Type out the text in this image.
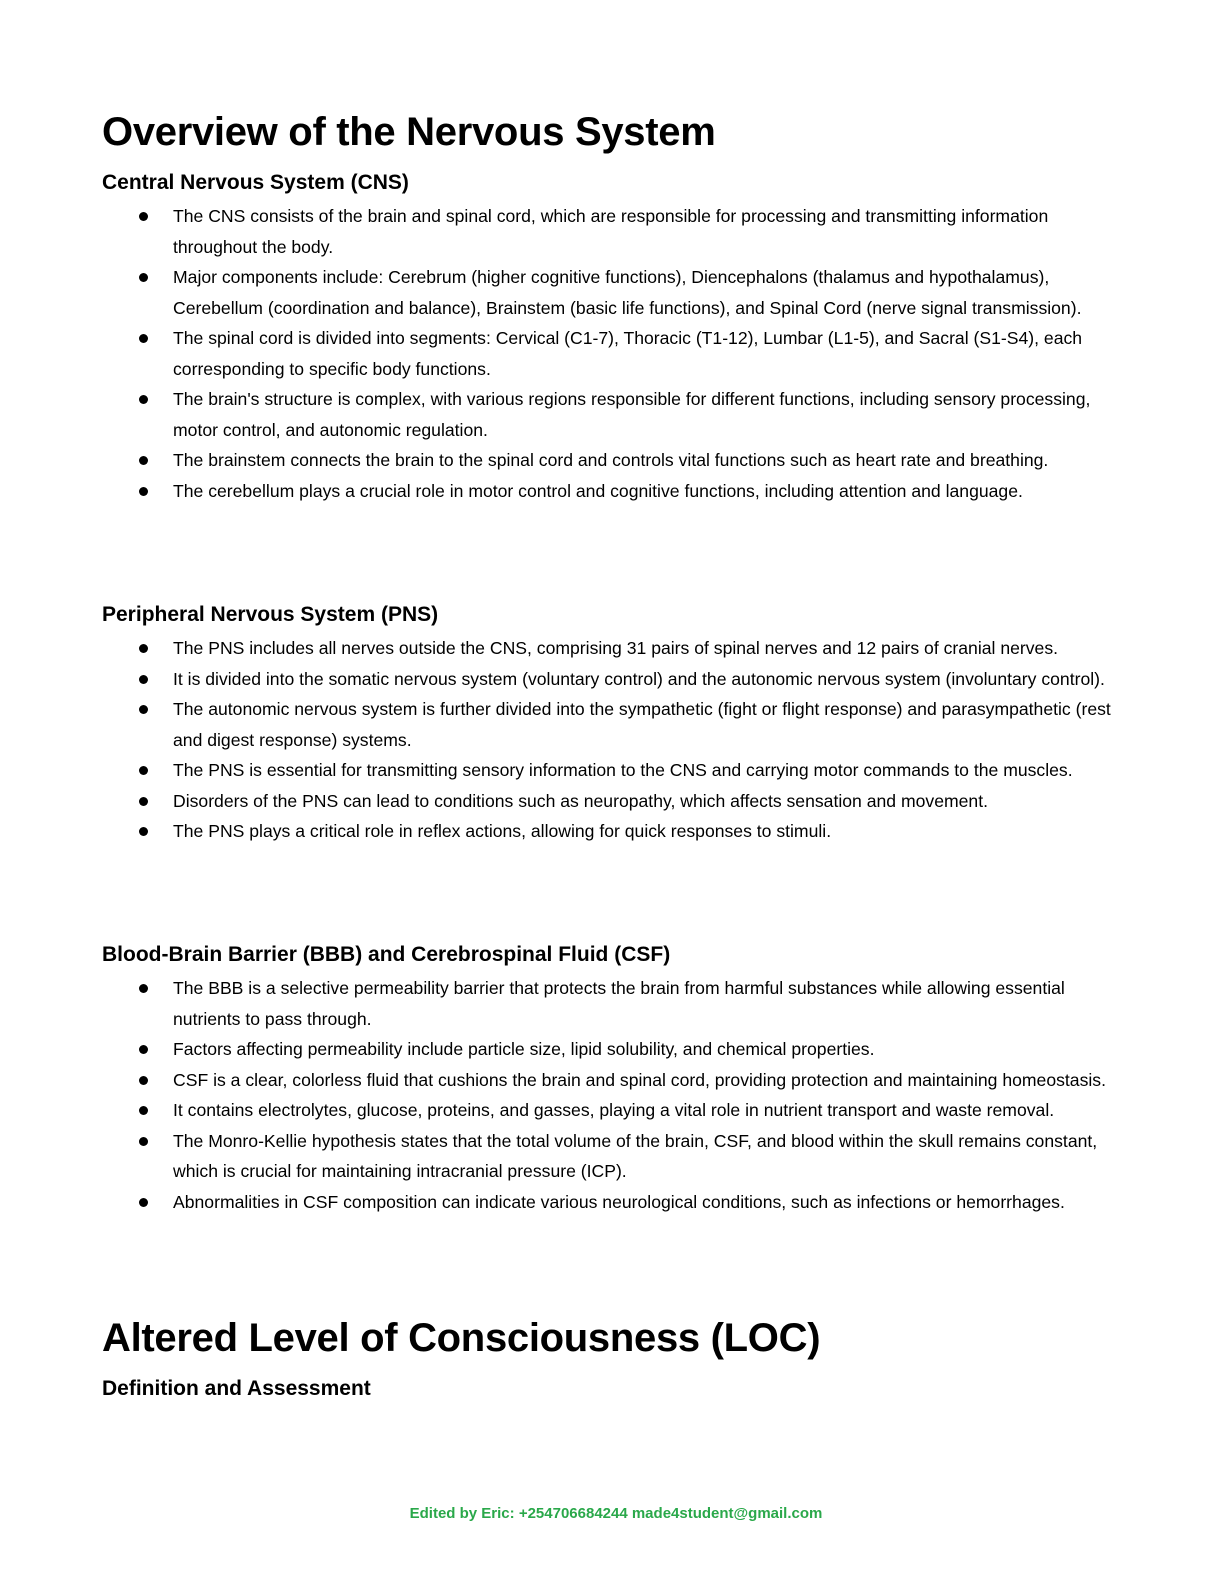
Overview of the Nervous System
Central Nervous System (CNS)
The CNS consists of the brain and spinal cord, which are responsible for processing and transmitting information throughout the body.
Major components include: Cerebrum (higher cognitive functions), Diencephalons (thalamus and hypothalamus), Cerebellum (coordination and balance), Brainstem (basic life functions), and Spinal Cord (nerve signal transmission).
The spinal cord is divided into segments: Cervical (C1-7), Thoracic (T1-12), Lumbar (L1-5), and Sacral (S1-S4), each corresponding to specific body functions.
The brain's structure is complex, with various regions responsible for different functions, including sensory processing, motor control, and autonomic regulation.
The brainstem connects the brain to the spinal cord and controls vital functions such as heart rate and breathing.
The cerebellum plays a crucial role in motor control and cognitive functions, including attention and language.
Peripheral Nervous System (PNS)
The PNS includes all nerves outside the CNS, comprising 31 pairs of spinal nerves and 12 pairs of cranial nerves.
It is divided into the somatic nervous system (voluntary control) and the autonomic nervous system (involuntary control).
The autonomic nervous system is further divided into the sympathetic (fight or flight response) and parasympathetic (rest and digest response) systems.
The PNS is essential for transmitting sensory information to the CNS and carrying motor commands to the muscles.
Disorders of the PNS can lead to conditions such as neuropathy, which affects sensation and movement.
The PNS plays a critical role in reflex actions, allowing for quick responses to stimuli.
Blood-Brain Barrier (BBB) and Cerebrospinal Fluid (CSF)
The BBB is a selective permeability barrier that protects the brain from harmful substances while allowing essential nutrients to pass through.
Factors affecting permeability include particle size, lipid solubility, and chemical properties.
CSF is a clear, colorless fluid that cushions the brain and spinal cord, providing protection and maintaining homeostasis.
It contains electrolytes, glucose, proteins, and gasses, playing a vital role in nutrient transport and waste removal.
The Monro-Kellie hypothesis states that the total volume of the brain, CSF, and blood within the skull remains constant, which is crucial for maintaining intracranial pressure (ICP).
Abnormalities in CSF composition can indicate various neurological conditions, such as infections or hemorrhages.
Altered Level of Consciousness (LOC)
Definition and Assessment
Edited by Eric: +254706684244 made4student@gmail.com
